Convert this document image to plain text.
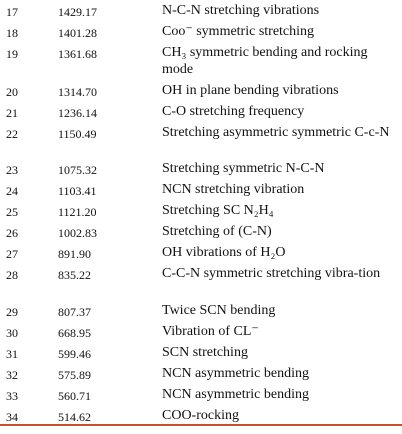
17	1429.17	N-C-N stretching vibrations
18	1401.28	Coo⁻ symmetric stretching
19	1361.68	CH₃ symmetric bending and rocking mode
20	1314.70	OH in plane bending vibrations
21	1236.14	C-O stretching frequency
22	1150.49	Stretching asymmetric symmetric C-c-N
23	1075.32	Stretching symmetric N-C-N
24	1103.41	NCN stretching vibration
25	1121.20	Stretching SC N₂H₄
26	1002.83	Stretching of (C-N)
27	891.90	OH vibrations of H₂O
28	835.22	C-C-N symmetric stretching vibra-tion
29	807.37	Twice SCN bending
30	668.95	Vibration of CL⁻
31	599.46	SCN stretching
32	575.89	NCN asymmetric bending
33	560.71	NCN asymmetric bending
34	514.62	COO-rocking
